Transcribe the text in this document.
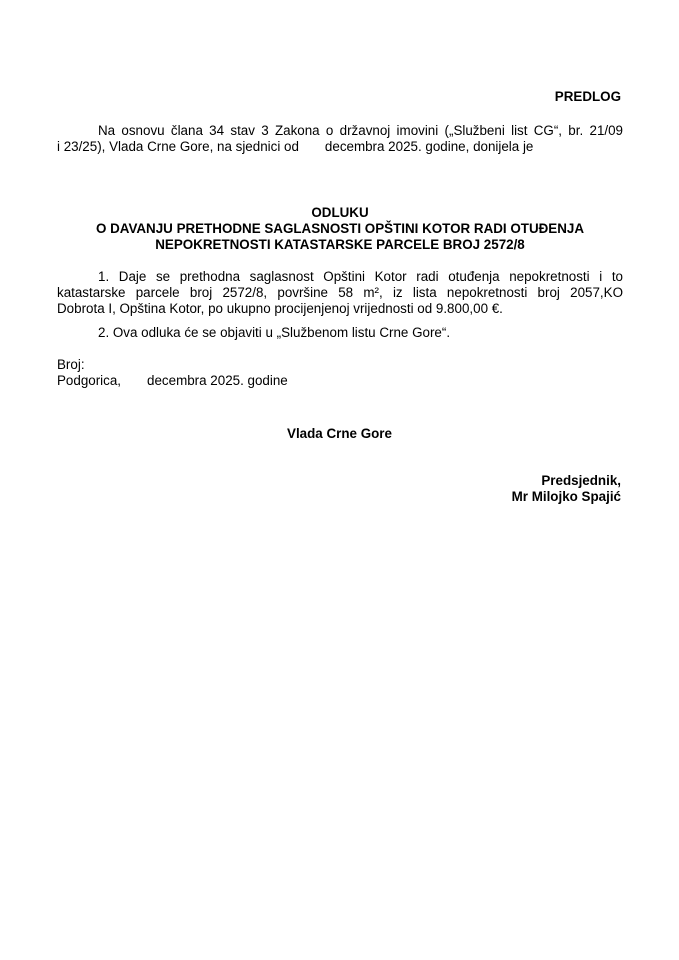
PREDLOG
Na osnovu člana 34 stav 3 Zakona o državnoj imovini („Službeni list CG“, br. 21/09
i 23/25), Vlada Crne Gore, na sjednici od decembra 2025. godine, donijela je
ODLUKU
O DAVANJU PRETHODNE SAGLASNOSTI OPŠTINI KOTOR RADI OTUĐENJA
NEPOKRETNOSTI KATASTARSKE PARCELE BROJ 2572/8
1. Daje se prethodna saglasnost Opštini Kotor radi otuđenja nepokretnosti i to
katastarske parcele broj 2572/8, površine 58 m², iz lista nepokretnosti broj 2057,KO
Dobrota I, Opština Kotor, po ukupno procijenjenoj vrijednosti od 9.800,00 €.
2. Ova odluka će se objaviti u „Službenom listu Crne Gore“.
Broj:
Podgorica, decembra 2025. godine
Vlada Crne Gore
Predsjednik,
Mr Milojko Spajić
